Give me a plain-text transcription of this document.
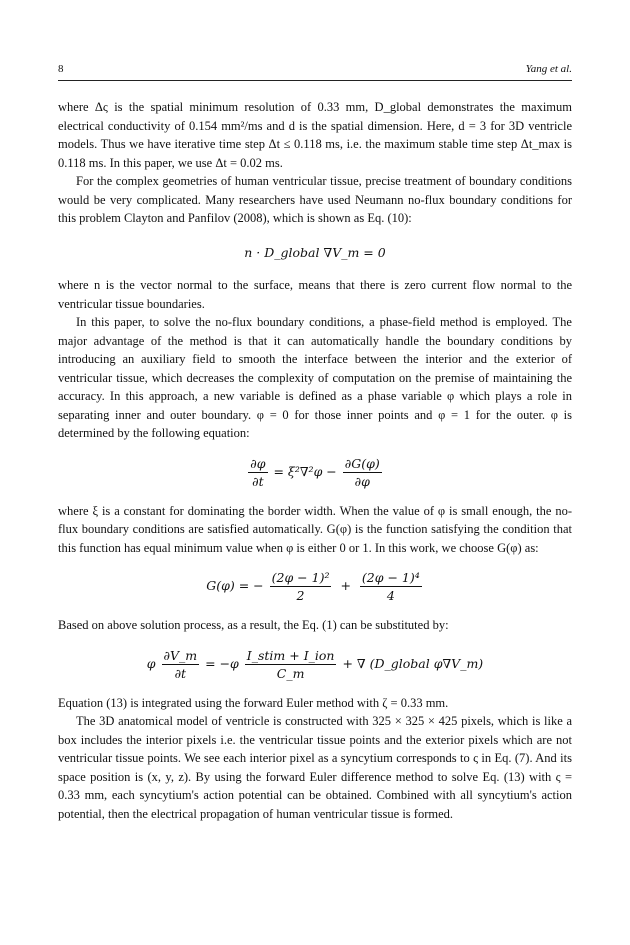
8	Yang et al.

where Δς is the spatial minimum resolution of 0.33 mm, D_global demonstrates the maximum electrical conductivity of 0.154 mm²/ms and d is the spatial dimension. Here, d = 3 for 3D ventricle models. Thus we have iterative time step Δt ≤ 0.118 ms, i.e. the maximum stable time step Δt_max is 0.118 ms. In this paper, we use Δt = 0.02 ms.

For the complex geometries of human ventricular tissue, precise treatment of boundary conditions would be very complicated. Many researchers have used Neumann no-flux boundary conditions for this problem Clayton and Panfilov (2008), which is shown as Eq. (10):

n · D_global ∇V_m = 0

where n is the vector normal to the surface, means that there is zero current flow normal to the ventricular tissue boundaries.

In this paper, to solve the no-flux boundary conditions, a phase-field method is employed. The major advantage of the method is that it can automatically handle the boundary conditions by introducing an auxiliary field to smooth the interface between the interior and the exterior of ventricular tissue, which decreases the complexity of computation on the premise of maintaining the accuracy. In this approach, a new variable is defined as a phase variable φ which plays a role in separating inner and outer boundary. φ = 0 for those inner points and φ = 1 for the outer. φ is determined by the following equation:

$\frac{\partial\varphi}{\partial t} = \xi^2\nabla^2\varphi - \frac{\partial G(\varphi)}{\partial\varphi}$

where ξ is a constant for dominating the border width. When the value of φ is small enough, the no-flux boundary conditions are satisfied automatically. G(φ) is the function satisfying the condition that this function has equal minimum value when φ is either 0 or 1. In this work, we choose G(φ) as:

G(φ) = − $\frac{\text{(2φ − 1)²}}{2} + \frac{\text{(2φ − 1)⁴}}{4}$

Based on above solution process, as a result, the Eq. (1) can be substituted by:

φ $\frac{\partial V\_m}{\partial t} = -\varphi \frac{\text{I\_stim + I\_ion}}{C\_m}$ + ∇ (D_global φ∇V_m)

Equation (13) is integrated using the forward Euler method with ζ = 0.33 mm.

The 3D anatomical model of ventricle is constructed with 325 × 325 × 425 pixels, which is like a box includes the interior pixels i.e. the ventricular tissue points and the exterior pixels which are not ventricular tissue points. We see each interior pixel as a syncytium corresponds to ς in Eq. (7). And its space position is (x, y, z). By using the forward Euler difference method to solve Eq. (13) with ς = 0.33 mm, each syncytium's action potential can be obtained. Combined with all syncytium's action potential, then the electrical propagation of human ventricular tissue is formed.
